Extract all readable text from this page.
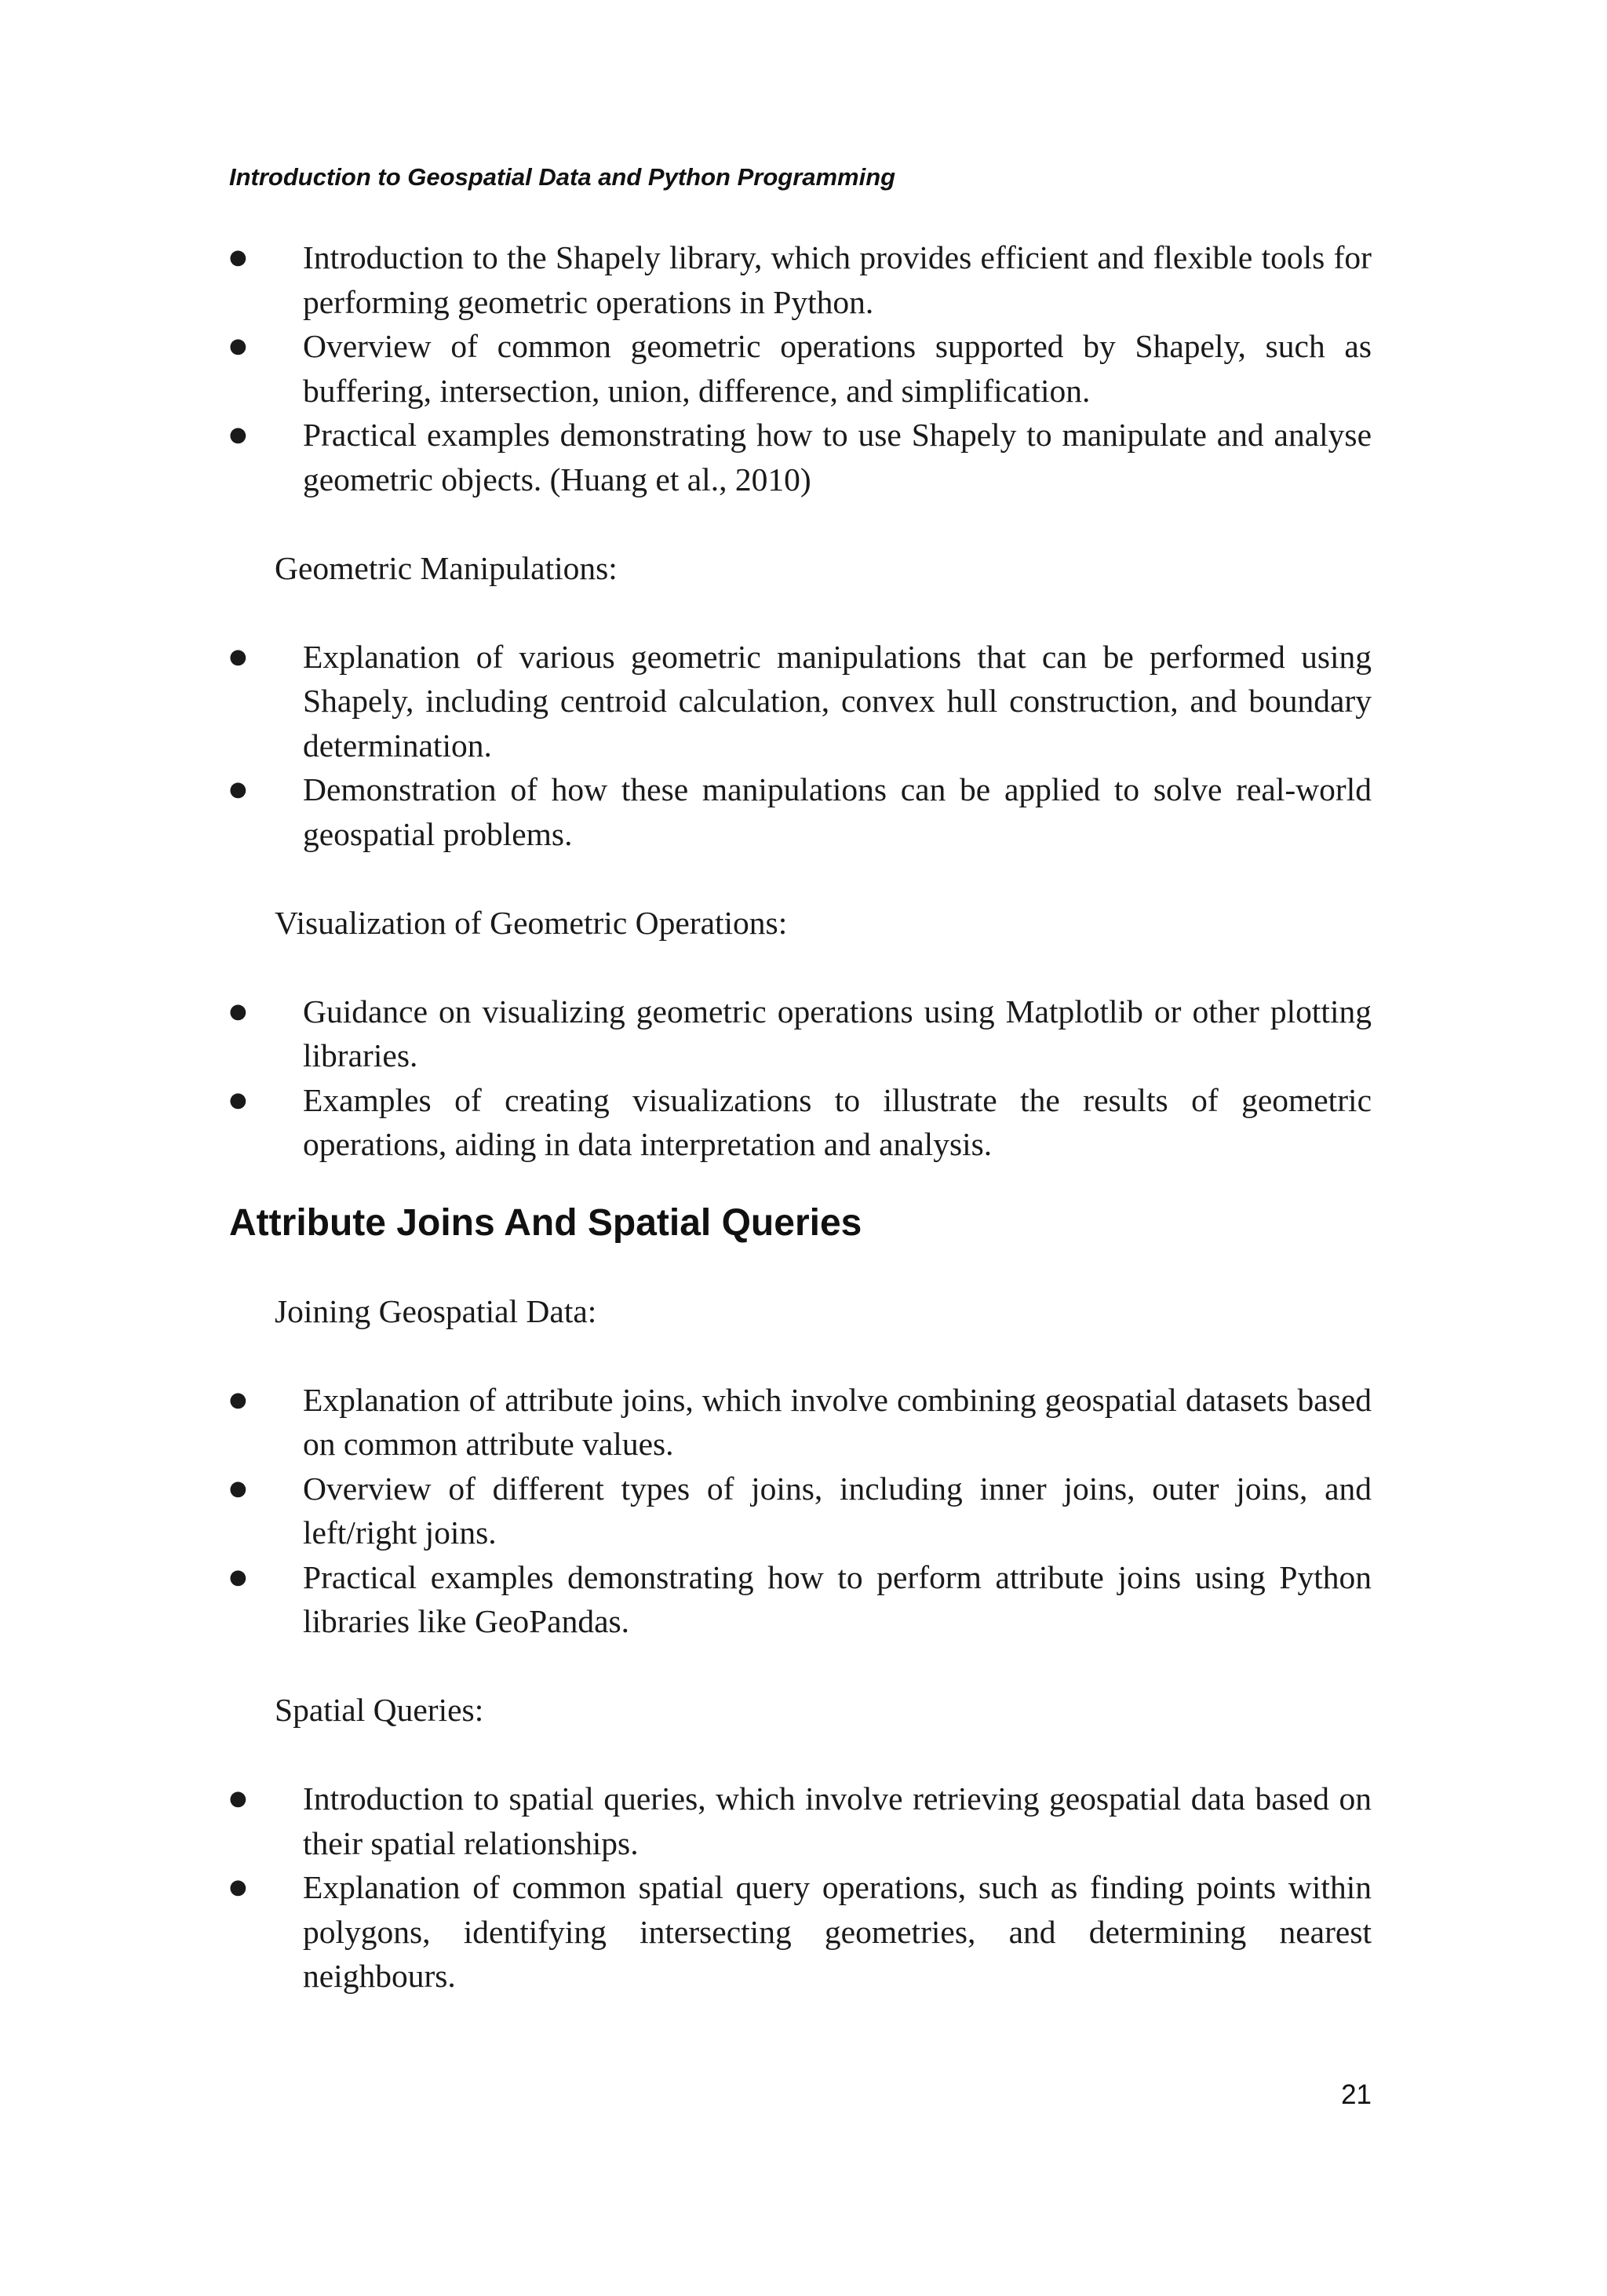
Introduction to Geospatial Data and Python Programming
● Introduction to the Shapely library, which provides efficient and flexible tools for performing geometric operations in Python.
● Overview of common geometric operations supported by Shapely, such as buffering, intersection, union, difference, and simplification.
● Practical examples demonstrating how to use Shapely to manipulate and analyse geometric objects. (Huang et al., 2010)

Geometric Manipulations:

● Explanation of various geometric manipulations that can be performed using Shapely, including centroid calculation, convex hull construction, and boundary determination.
● Demonstration of how these manipulations can be applied to solve real-world geospatial problems.

Visualization of Geometric Operations:

● Guidance on visualizing geometric operations using Matplotlib or other plotting libraries.
● Examples of creating visualizations to illustrate the results of geometric operations, aiding in data interpretation and analysis.
Attribute Joins And Spatial Queries

Joining Geospatial Data:

● Explanation of attribute joins, which involve combining geospatial datasets based on common attribute values.
● Overview of different types of joins, including inner joins, outer joins, and left/right joins.
● Practical examples demonstrating how to perform attribute joins using Python libraries like GeoPandas.

Spatial Queries:

● Introduction to spatial queries, which involve retrieving geospatial data based on their spatial relationships.
● Explanation of common spatial query operations, such as finding points within polygons, identifying intersecting geometries, and determining nearest neighbours.
21
